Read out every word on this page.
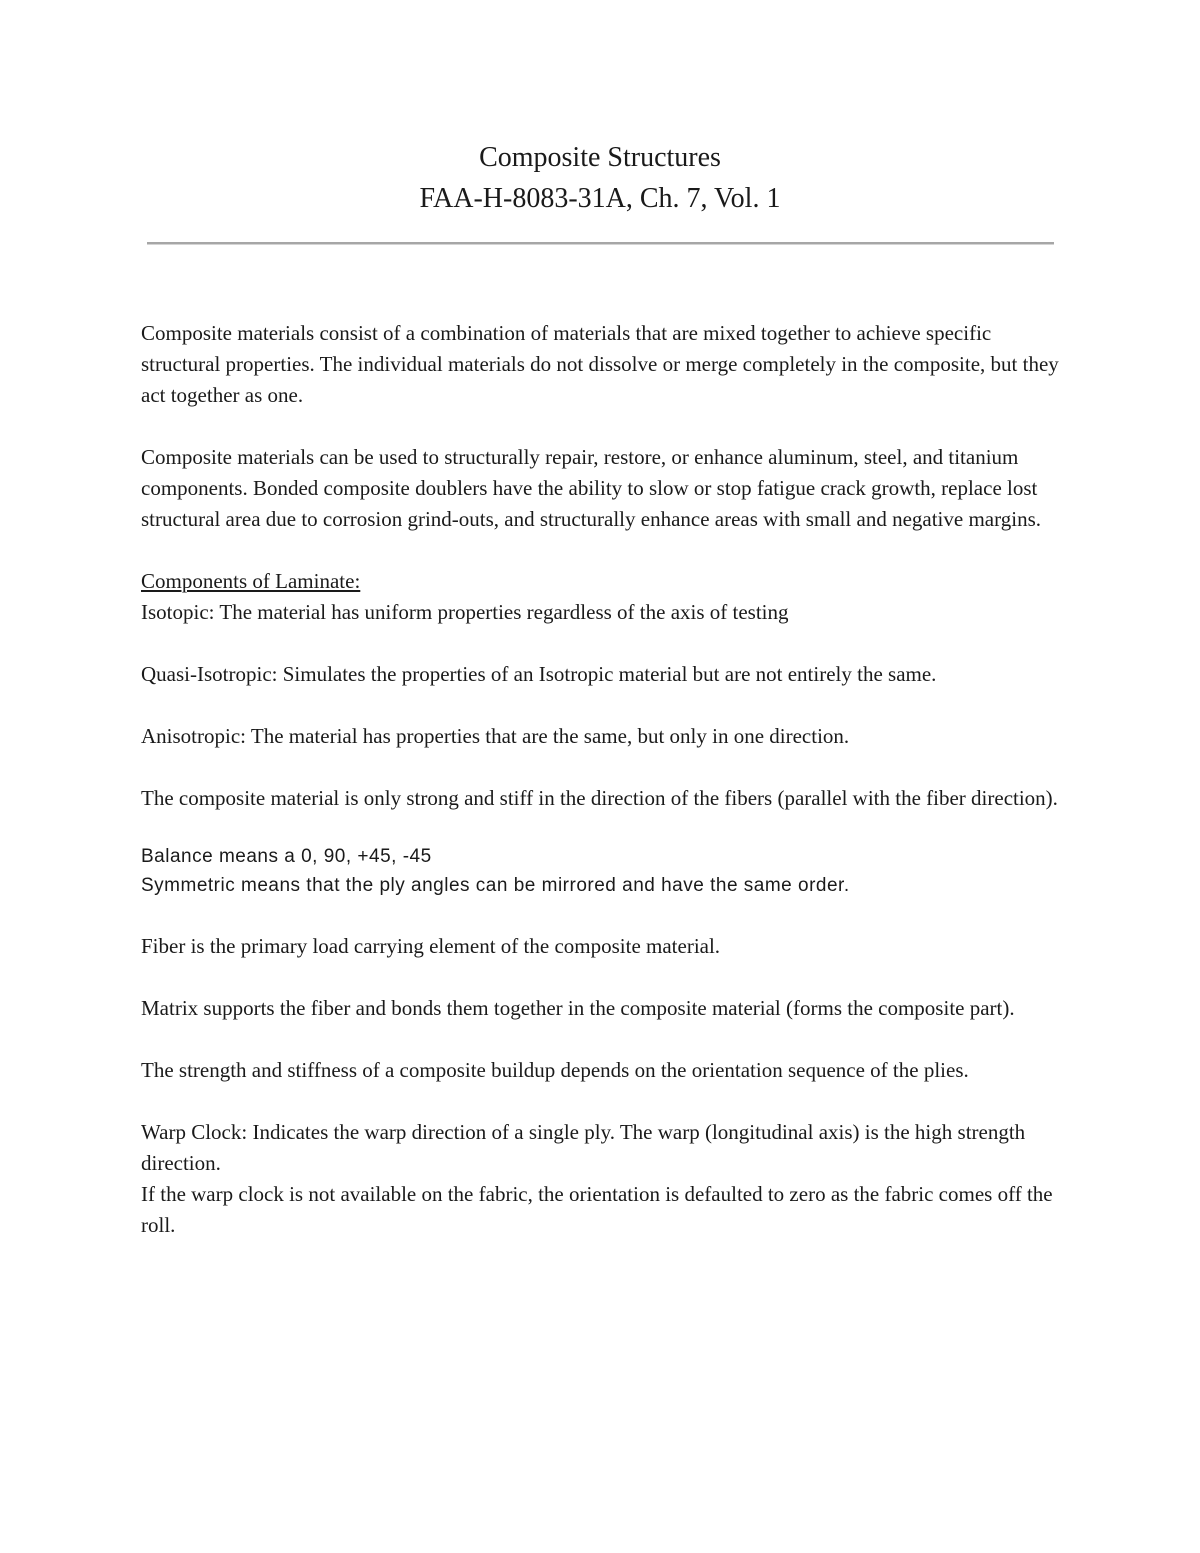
Composite Structures
FAA-H-8083-31A, Ch. 7, Vol. 1

Composite materials consist of a combination of materials that are mixed together to achieve specific structural properties. The individual materials do not dissolve or merge completely in the composite, but they act together as one.

Composite materials can be used to structurally repair, restore, or enhance aluminum, steel, and titanium components. Bonded composite doublers have the ability to slow or stop fatigue crack growth, replace lost structural area due to corrosion grind-outs, and structurally enhance areas with small and negative margins.

Components of Laminate:

Isotopic: The material has uniform properties regardless of the axis of testing

Quasi-Isotropic: Simulates the properties of an Isotropic material but are not entirely the same.

Anisotropic: The material has properties that are the same, but only in one direction.

The composite material is only strong and stiff in the direction of the fibers (parallel with the fiber direction).

Balance means a 0, 90, +45, -45

Symmetric means that the ply angles can be mirrored and have the same order.

Fiber is the primary load carrying element of the composite material.

Matrix supports the fiber and bonds them together in the composite material (forms the composite part).

The strength and stiffness of a composite buildup depends on the orientation sequence of the plies.

Warp Clock: Indicates the warp direction of a single ply. The warp (longitudinal axis) is the high strength direction.

If the warp clock is not available on the fabric, the orientation is defaulted to zero as the fabric comes off the roll.
